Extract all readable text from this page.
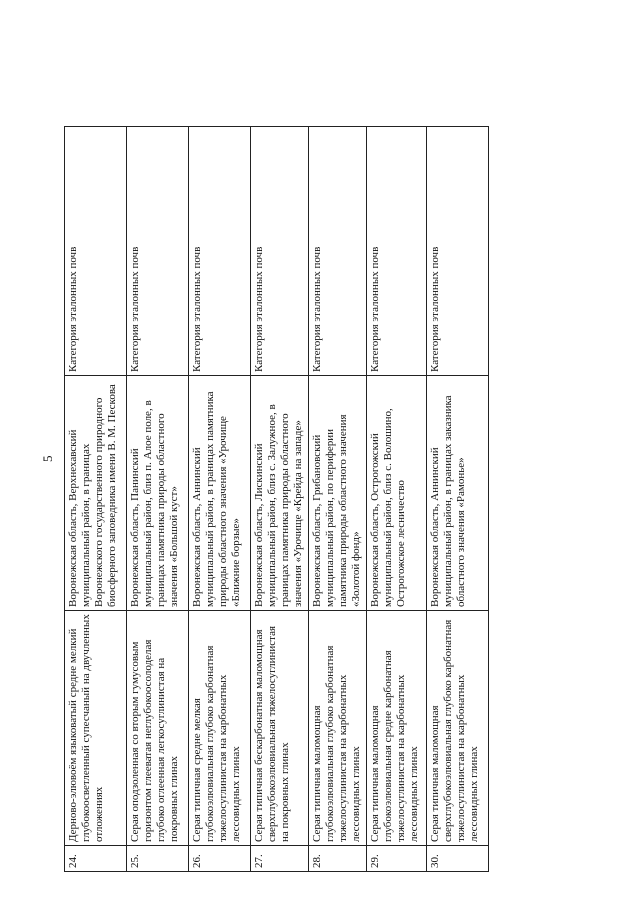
5
24.	Дерново-элювоём языковатый средне мелкий глубокоосветленный супесчаный на двучленных отложениях	Воронежская область, Верхнехавский муниципальный район, в границах Воронежского государственного природного биосферного заповедника имени В. М. Пескова	Категория эталонных почв
25.	Серая оподзоленная со вторым гумусовым горизонтом глееватая неглубокоосолоделая глубоко оглеенная легкосуглинистая на покровных глинах	Воронежская область, Панинский муниципальный район, близ п. Алое поле, в границах памятника природы областного значения «Большой куст»	Категория эталонных почв
26.	Серая типичная средне мелкая глубокоэлювиальная глубоко карбонатная тяжелосуглинистая на карбонатных лессовидных глинах	Воронежская область, Аннинский муниципальный район, в границах памятника природы областного значения «Урочище «Ближние борзые»	Категория эталонных почв
27.	Серая типичная бескарбонатная маломощная сверхглубокоэлювиальная тяжелосуглинистая на покровных глинах	Воронежская область, Лискинский муниципальный район, близ с. Залужное, в границах памятника природы областного значения «Урочище «Крейда на западе»	Категория эталонных почв
28.	Серая типичная маломощная глубокоэлювиальная глубоко карбонатная тяжелосуглинистая на карбонатных лессовидных глинах	Воронежская область, Грибановский муниципальный район, по периферии памятника природы областного значения «Золотой фонд»	Категория эталонных почв
29.	Серая типичная маломощная глубокоэлювиальная средне карбонатная тяжелосуглинистая на карбонатных лессовидных глинах	Воронежская область, Острогожский муниципальный район, близ с. Волошино, Острогожское лесничество	Категория эталонных почв
30.	Серая типичная маломощная сверхглубокоэлювиальная глубоко карбонатная тяжелосуглинистая на карбонатных лессовидных глинах	Воронежская область, Аннинский муниципальный район, в границах заказника областного значения «Рамонье»	Категория эталонных почв
